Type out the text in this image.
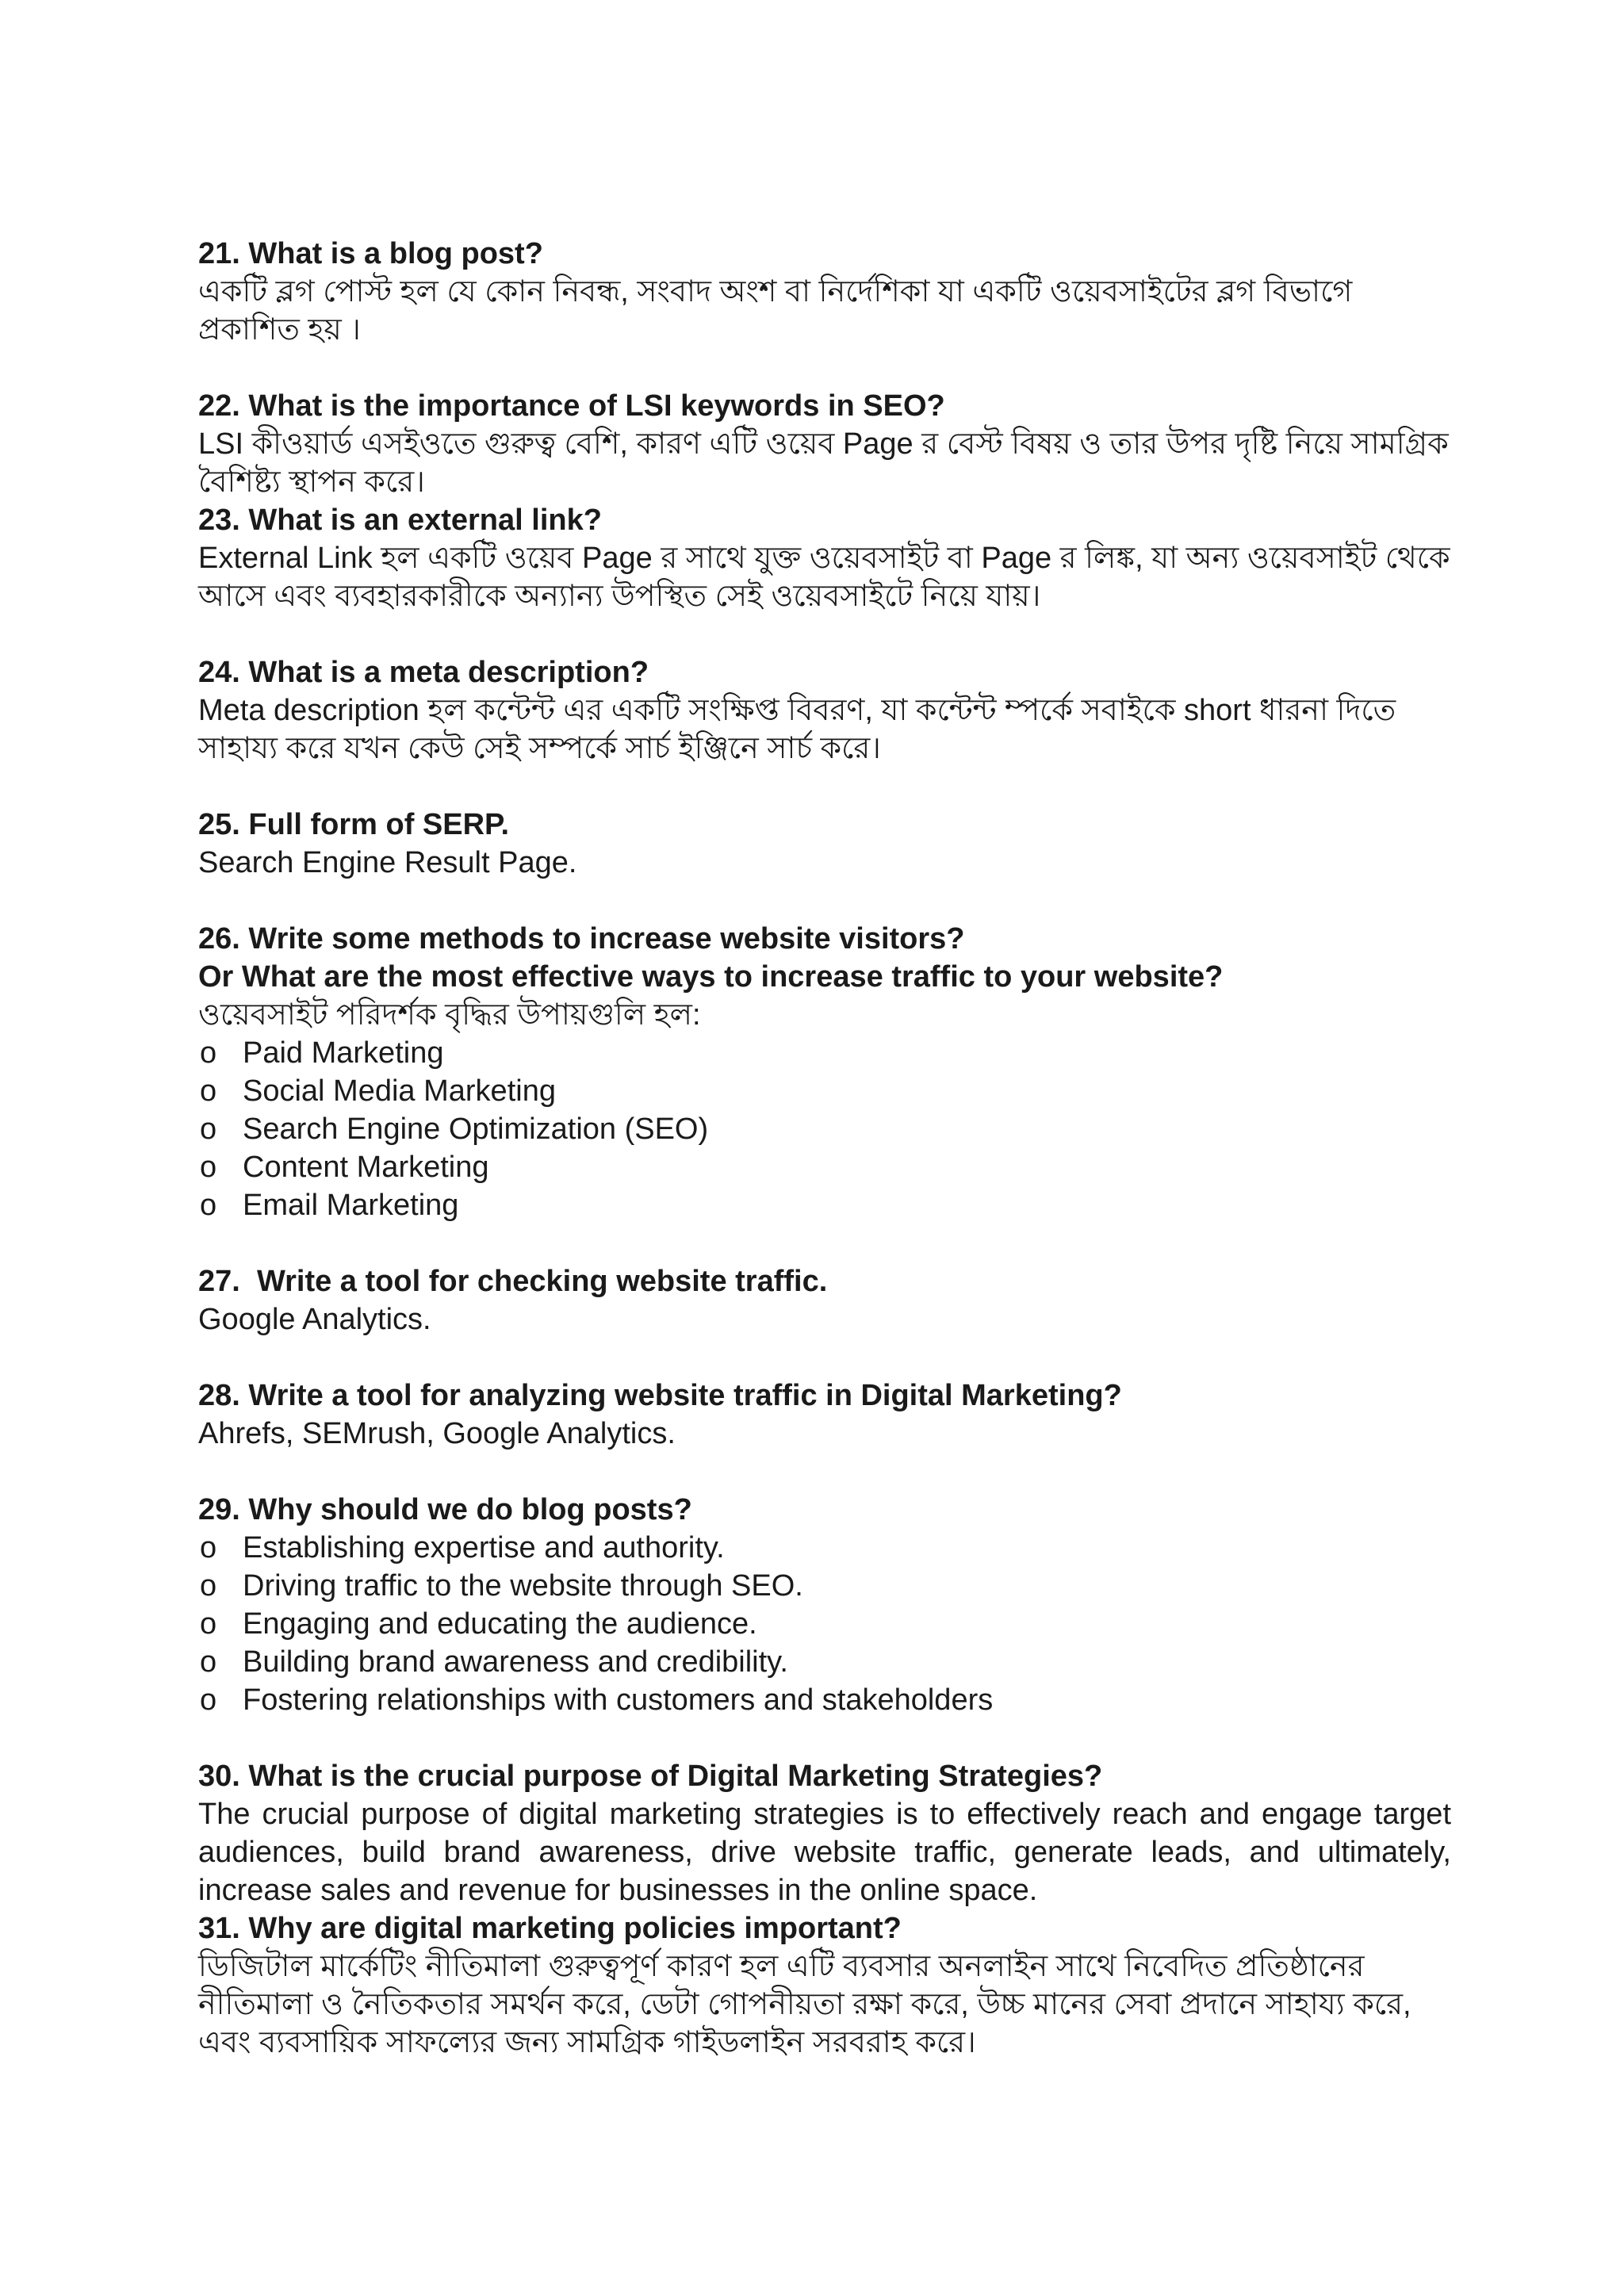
21. What is a blog post?

একটি ব্লগ পোস্ট হল যে কোন নিবন্ধ, সংবাদ অংশ বা নির্দেশিকা যা একটি ওয়েবসাইটের ব্লগ বিভাগে প্রকাশিত হয় ।

22. What is the importance of LSI keywords in SEO?

LSI কীওয়ার্ড এসইওতে গুরুত্ব বেশি, কারণ এটি ওয়েব Page র বেস্ট বিষয় ও তার উপর দৃষ্টি নিয়ে সামগ্রিক বৈশিষ্ট্য স্থাপন করে।

23. What is an external link?

External Link হল একটি ওয়েব Page র সাথে যুক্ত ওয়েবসাইট বা Page র লিঙ্ক, যা অন্য ওয়েবসাইট থেকে আসে এবং ব্যবহারকারীকে অন্যান্য উপস্থিত সেই ওয়েবসাইটে নিয়ে যায়।

24. What is a meta description?

Meta description হল কন্টেন্ট এর একটি সংক্ষিপ্ত বিবরণ, যা কন্টেন্ট ম্পর্কে সবাইকে short ধারনা দিতে সাহায্য করে যখন কেউ সেই সম্পর্কে সার্চ ইঞ্জিনে সার্চ করে।

25. Full form of SERP.

Search Engine Result Page.

26. Write some methods to increase website visitors?

Or What are the most effective ways to increase traffic to your website?

ওয়েবসাইট পরিদর্শক বৃদ্ধির উপায়গুলি হল:

o Paid Marketing
o Social Media Marketing
o Search Engine Optimization (SEO)
o Content Marketing
o Email Marketing

27.  Write a tool for checking website traffic.

Google Analytics.

28. Write a tool for analyzing website traffic in Digital Marketing?

Ahrefs, SEMrush, Google Analytics.

29. Why should we do blog posts?

o Establishing expertise and authority.
o Driving traffic to the website through SEO.
o Engaging and educating the audience.
o Building brand awareness and credibility.
o Fostering relationships with customers and stakeholders

30. What is the crucial purpose of Digital Marketing Strategies?

The crucial purpose of digital marketing strategies is to effectively reach and engage target audiences, build brand awareness, drive website traffic, generate leads, and ultimately, increase sales and revenue for businesses in the online space.

31. Why are digital marketing policies important?

ডিজিটাল মার্কেটিং নীতিমালা গুরুত্বপূর্ণ কারণ হল এটি ব্যবসার অনলাইন সাথে নিবেদিত প্রতিষ্ঠানের নীতিমালা ও নৈতিকতার সমর্থন করে, ডেটা গোপনীয়তা রক্ষা করে, উচ্চ মানের সেবা প্রদানে সাহায্য করে, এবং ব্যবসায়িক সাফল্যের জন্য সামগ্রিক গাইডলাইন সরবরাহ করে।
